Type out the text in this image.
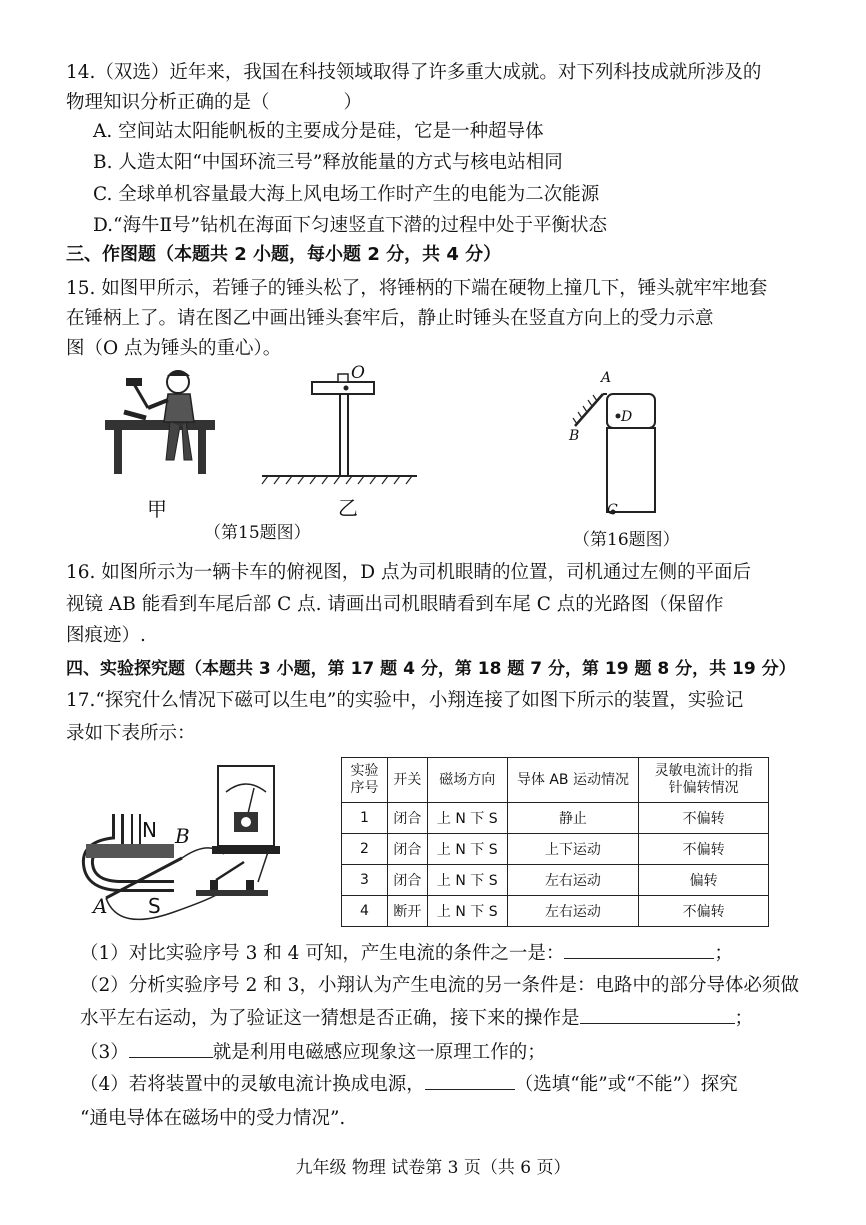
14.（双选）近年来，我国在科技领域取得了许多重大成就。对下列科技成就所涉及的
物理知识分析正确的是（　　　　）
A. 空间站太阳能帆板的主要成分是硅，它是一种超导体
B. 人造太阳“中国环流三号”释放能量的方式与核电站相同
C. 全球单机容量最大海上风电场工作时产生的电能为二次能源
D.“海牛Ⅱ号”钻机在海面下匀速竖直下潜的过程中处于平衡状态
三、作图题（本题共 2 小题，每小题 2 分，共 4 分）
15. 如图甲所示，若锤子的锤头松了，将锤柄的下端在硬物上撞几下，锤头就牢牢地套
在锤柄上了。请在图乙中画出锤头套牢后，静止时锤头在竖直方向上的受力示意
图（O 点为锤头的重心）。
甲
O
乙
（第15题图）
A
B
D
C
（第16题图）
16. 如图所示为一辆卡车的俯视图，D 点为司机眼睛的位置，司机通过左侧的平面后
视镜 AB 能看到车尾后部 C 点. 请画出司机眼睛看到车尾 C 点的光路图（保留作
图痕迹）.
四、实验探究题（本题共 3 小题，第 17 题 4 分，第 18 题 7 分，第 19 题 8 分，共 19 分）
17.“探究什么情况下磁可以生电”的实验中，小翔连接了如图下所示的装置，实验记
录如下表所示：
N
S
B
A
实验序号	开关	磁场方向	导体 AB 运动情况	灵敏电流计的指针偏转情况
1	闭合	上 N 下 S	静止	不偏转
2	闭合	上 N 下 S	上下运动	不偏转
3	闭合	上 N 下 S	左右运动	偏转
4	断开	上 N 下 S	左右运动	不偏转
（1）对比实验序号 3 和 4 可知，产生电流的条件之一是：	；
（2）分析实验序号 2 和 3，小翔认为产生电流的另一条件是：电路中的部分导体必须做
水平左右运动，为了验证这一猜想是否正确，接下来的操作是	；
（3）	就是利用电磁感应现象这一原理工作的；
（4）若将装置中的灵敏电流计换成电源，	（选填“能”或“不能”）探究
“通电导体在磁场中的受力情况”.
九年级 物理 试卷第 3 页（共 6 页）
